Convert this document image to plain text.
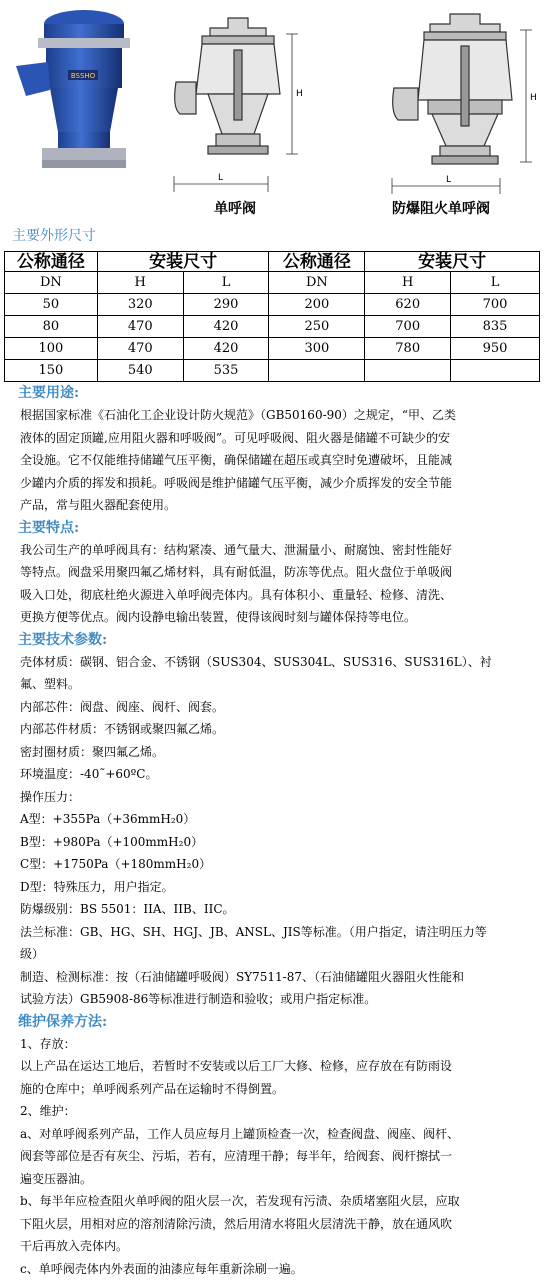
BSSHO
H
L
H
L
单呼阀	防爆阻火单呼阀
主要外形尺寸
公称通径	安装尺寸		公称通径	安装尺寸	
DN	H	L	DN	H	L
50	320	290	200	620	700
80	470	420	250	700	835
100	470	420	300	780	950
150	540	535			
主要用途:
根据国家标准《石油化工企业设计防火规范》（GB50160-90）之规定，“甲、乙类
液体的固定顶罐,应用阻火器和呼吸阀”。可见呼吸阀、阻火器是储罐不可缺少的安
全设施。它不仅能维持储罐气压平衡，确保储罐在超压或真空时免遭破坏，且能减
少罐内介质的挥发和损耗。呼吸阀是维护储罐气压平衡，减少介质挥发的安全节能
产品，常与阻火器配套使用。
主要特点:
我公司生产的单呼阀具有：结构紧凑、通气量大、泄漏量小、耐腐蚀、密封性能好
等特点。阀盘采用聚四氟乙烯材料，具有耐低温，防冻等优点。阻火盘位于单吸阀
吸入口处，彻底杜绝火源进入单呼阀壳体内。具有体积小、重量轻、检修、清洗、
更换方便等优点。阀内设静电输出装置，使得该阀时刻与罐体保持等电位。
主要技术参数:
壳体材质：碳钢、铝合金、不锈钢（SUS304、SUS304L、SUS316、SUS316L）、衬
氟、塑料。
内部芯件：阀盘、阀座、阀杆、阀套。
内部芯件材质：不锈钢或聚四氟乙烯。
密封圈材质：聚四氟乙烯。
环境温度：-40˜+60ºC。
操作压力：
A型：+355Pa（+36mmH₂0）
B型：+980Pa（+100mmH₂0）
C型：+1750Pa（+180mmH₂0）
D型：特殊压力，用户指定。
防爆级别：BS 5501：IIA、IIB、IIC。
法兰标准：GB、HG、SH、HGJ、JB、ANSL、JIS等标准。（用户指定，请注明压力等
级）
制造、检测标准：按（石油储罐呼吸阀）SY7511-87、（石油储罐阻火器阻火性能和
试验方法）GB5908-86等标准进行制造和验收；或用户指定标准。
维护保养方法:
1、存放：
以上产品在运达工地后，若暂时不安装或以后工厂大修、检修，应存放在有防雨设
施的仓库中；单呼阀系列产品在运输时不得倒置。
2、维护：
a、对单呼阀系列产品，工作人员应每月上罐顶检查一次，检查阀盘、阀座、阀杆、
阀套等部位是否有灰尘、污垢，若有，应清理干静；每半年，给阀套、阀杆擦拭一
遍变压器油。
b、每半年应检查阻火单呼阀的阻火层一次，若发现有污渍、杂质堵塞阻火层，应取
下阻火层，用相对应的溶剂清除污渍，然后用清水将阻火层清洗干静，放在通风吹
干后再放入壳体内。
c、单呼阀壳体内外表面的油漆应每年重新涂刷一遍。
